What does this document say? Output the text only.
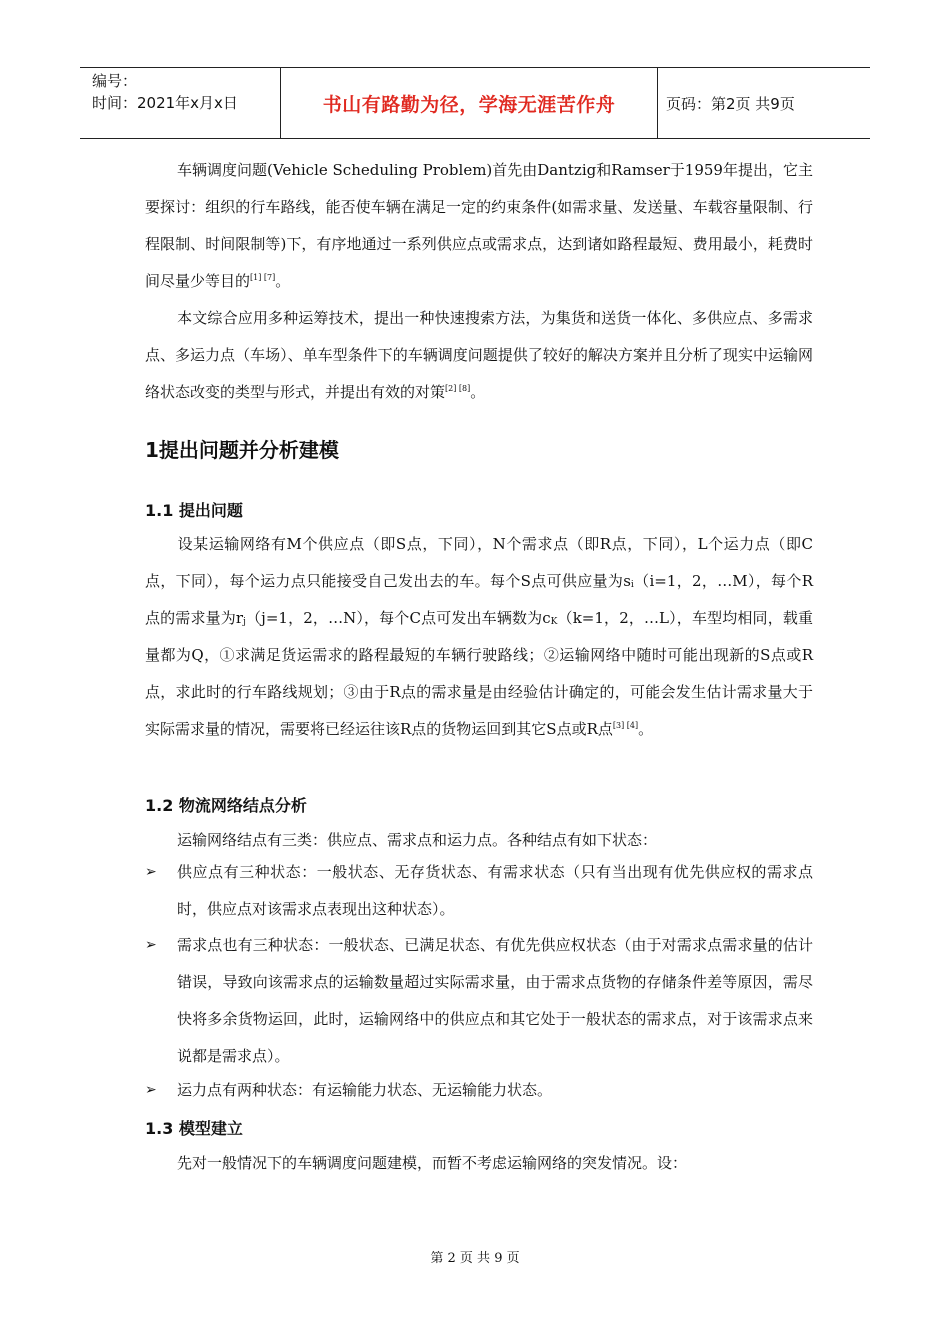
编号：
时间：2021年x月x日	书山有路勤为径，学海无涯苦作舟	页码：第2页 共9页
车辆调度问题(Vehicle Scheduling Problem)首先由Dantzig和Ramser于1959年提出，它主要探讨：组织的行车路线，能否使车辆在满足一定的约束条件(如需求量、发送量、车载容量限制、行程限制、时间限制等)下，有序地通过一系列供应点或需求点，达到诸如路程最短、费用最小，耗费时间尽量少等目的[1] [7]。
本文综合应用多种运筹技术，提出一种快速搜索方法，为集货和送货一体化、多供应点、多需求点、多运力点（车场）、单车型条件下的车辆调度问题提供了较好的解决方案并且分析了现实中运输网络状态改变的类型与形式，并提出有效的对策[2] [8]。
1提出问题并分析建模
1.1 提出问题
设某运输网络有M个供应点（即S点，下同），N个需求点（即R点，下同），L个运力点（即C点，下同），每个运力点只能接受自己发出去的车。每个S点可供应量为$s_i(i=1$，2，…M），每个R点的需求量为$r_j(j=1$，2，…N），每个C点可发出车辆数为$c_K(k=1$，2，…L），车型均相同，载重量都为Q，①求满足货运需求的路程最短的车辆行驶路线；②运输网络中随时可能出现新的S点或R点，求此时的行车路线规划；③由于R点的需求量是由经验估计确定的，可能会发生估计需求量大于实际需求量的情况，需要将已经运往该R点的货物运回到其它S点或R点[3] [4]。
1.2 物流网络结点分析
运输网络结点有三类：供应点、需求点和运力点。各种结点有如下状态：
➢ 供应点有三种状态：一般状态、无存货状态、有需求状态（只有当出现有优先供应权的需求点时，供应点对该需求点表现出这种状态）。
➢ 需求点也有三种状态：一般状态、已满足状态、有优先供应权状态（由于对需求点需求量的估计错误，导致向该需求点的运输数量超过实际需求量，由于需求点货物的存储条件差等原因，需尽快将多余货物运回，此时，运输网络中的供应点和其它处于一般状态的需求点，对于该需求点来说都是需求点）。
➢ 运力点有两种状态：有运输能力状态、无运输能力状态。
1.3 模型建立
先对一般情况下的车辆调度问题建模，而暂不考虑运输网络的突发情况。设：
第 2 页 共 9 页
